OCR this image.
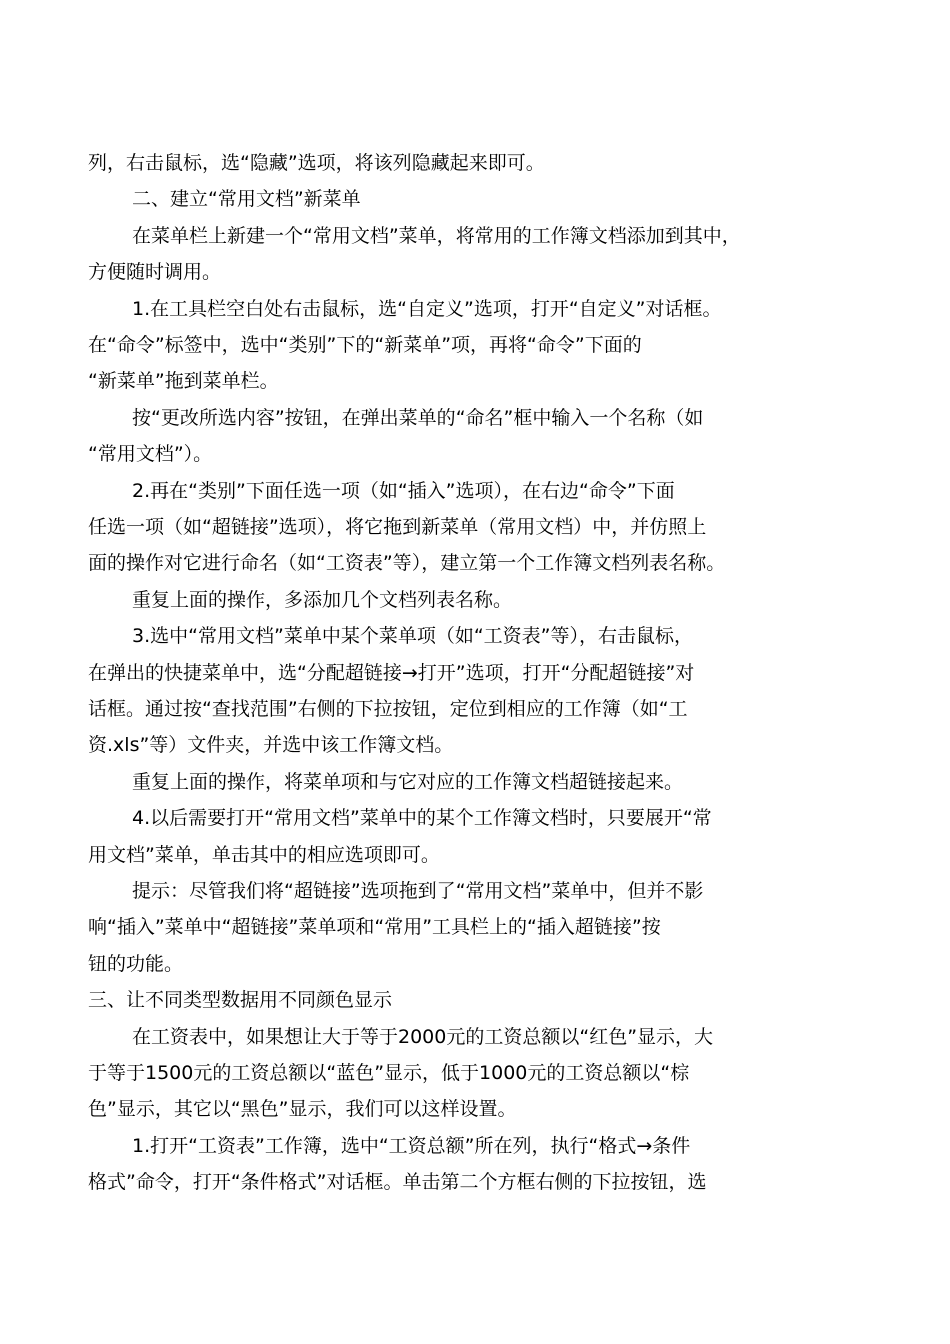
列，右击鼠标，选“隐藏”选项，将该列隐藏起来即可。
二、建立“常用文档”新菜单
在菜单栏上新建一个“常用文档”菜单，将常用的工作簿文档添加到其中，
方便随时调用。
1.在工具栏空白处右击鼠标，选“自定义”选项，打开“自定义”对话框。
在“命令”标签中，选中“类别”下的“新菜单”项，再将“命令”下面的
“新菜单”拖到菜单栏。
按“更改所选内容”按钮，在弹出菜单的“命名”框中输入一个名称（如
“常用文档”）。
2.再在“类别”下面任选一项（如“插入”选项），在右边“命令”下面
任选一项（如“超链接”选项），将它拖到新菜单（常用文档）中，并仿照上
面的操作对它进行命名（如“工资表”等），建立第一个工作簿文档列表名称。
重复上面的操作，多添加几个文档列表名称。
3.选中“常用文档”菜单中某个菜单项（如“工资表”等），右击鼠标，
在弹出的快捷菜单中，选“分配超链接→打开”选项，打开“分配超链接”对
话框。通过按“查找范围”右侧的下拉按钮，定位到相应的工作簿（如“工
资.xls”等）文件夹，并选中该工作簿文档。
重复上面的操作，将菜单项和与它对应的工作簿文档超链接起来。
4.以后需要打开“常用文档”菜单中的某个工作簿文档时，只要展开“常
用文档”菜单，单击其中的相应选项即可。
提示：尽管我们将“超链接”选项拖到了“常用文档”菜单中，但并不影
响“插入”菜单中“超链接”菜单项和“常用”工具栏上的“插入超链接”按
钮的功能。
三、让不同类型数据用不同颜色显示
在工资表中，如果想让大于等于2000元的工资总额以“红色”显示，大
于等于1500元的工资总额以“蓝色”显示，低于1000元的工资总额以“棕
色”显示，其它以“黑色”显示，我们可以这样设置。
1.打开“工资表”工作簿，选中“工资总额”所在列，执行“格式→条件
格式”命令，打开“条件格式”对话框。单击第二个方框右侧的下拉按钮，选
